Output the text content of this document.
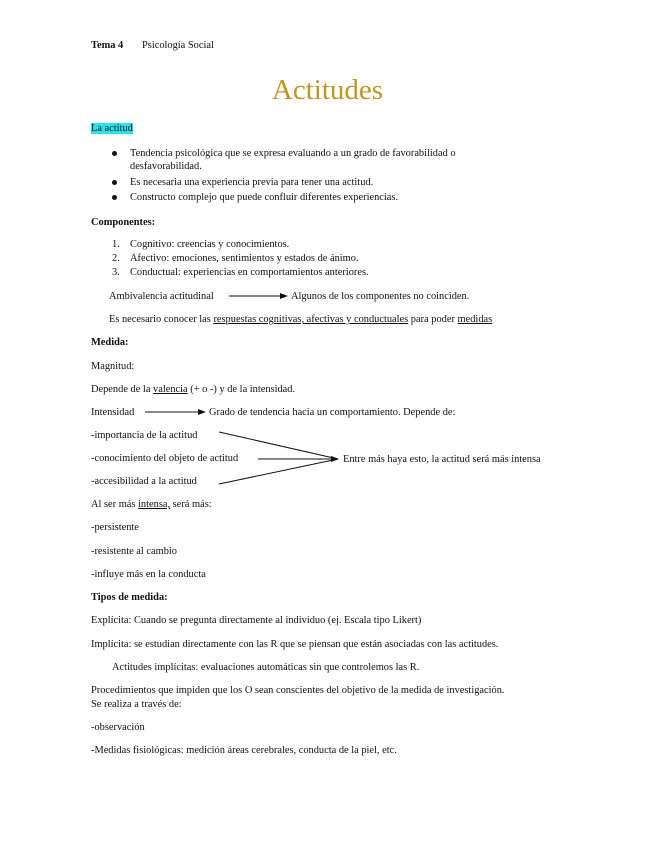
Tema 4 Psicología Social
Actitudes
La actitud
Tendencia psicológica que se expresa evaluando a un grado de favorabilidad o
desfavorabilidad.
Es necesaria una experiencia previa para tener una actitud.
Constructo complejo que puede confluir diferentes experiencias.
Componentes:
1. Cognitivo: creencias y conocimientos.
2. Afectivo: emociones, sentimientos y estados de ánimo.
3. Conductual: experiencias en comportamientos anteriores.
Ambivalencia actitudinal	Algunos de los componentes no coinciden.
Es necesario conocer las respuestas cognitivas, afectivas y conductuales para poder medidas
Medida:
Magnitud:
Depende de la valencia (+ o -) y de la intensidad.
Intensidad	Grado de tendencia hacia un comportamiento. Depende de:
-importancia de la actitud
-conocimiento del objeto de actitud
-accesibilidad a la actitud
Entre más haya esto, la actitud será más intensa
Al ser más intensa, será más:
-persistente
-resistente al cambio
-influye más en la conducta
Tipos de medida:
Explícita: Cuando se pregunta directamente al individuo (ej. Escala tipo Likert)
Implícita: se estudian directamente con las R que se piensan que están asociadas con las actitudes.
Actitudes implícitas: evaluaciones automáticas sin que controlemos las R.
Procedimientos que impiden que los O sean conscientes del objetivo de la medida de investigación.
Se realiza a través de:
-observación
-Medidas fisiológicas: medición áreas cerebrales, conducta de la piel, etc.
